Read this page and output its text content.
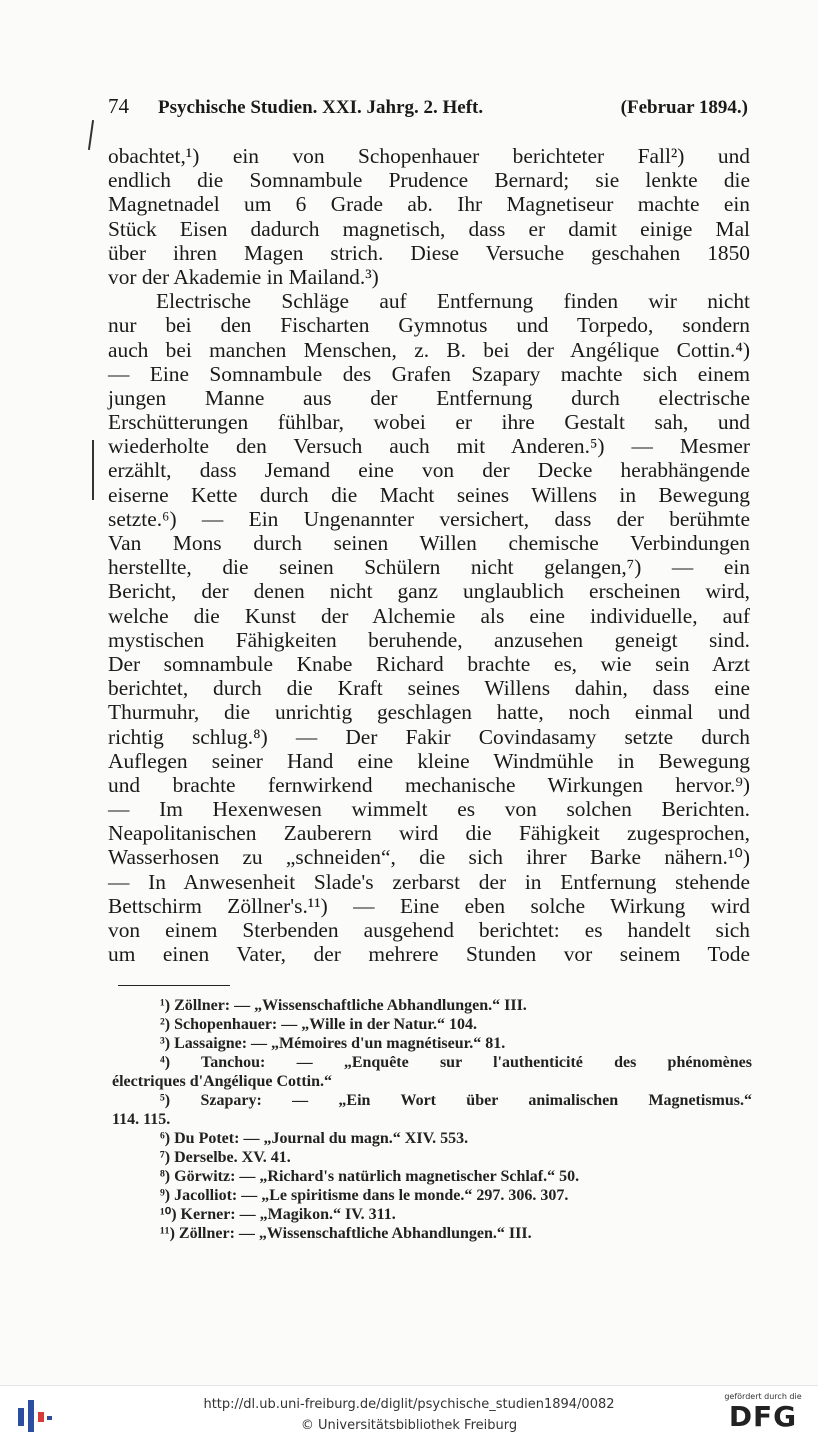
74	Psychische Studien. XXI. Jahrg. 2. Heft.	(Februar 1894.)
obachtet,¹) ein von Schopenhauer berichteter Fall²) und
endlich die Somnambule Prudence Bernard; sie lenkte die
Magnetnadel um 6 Grade ab. Ihr Magnetiseur machte ein
Stück Eisen dadurch magnetisch, dass er damit einige Mal
über ihren Magen strich. Diese Versuche geschahen 1850
vor der Akademie in Mailand.³)
Electrische Schläge auf Entfernung finden wir nicht
nur bei den Fischarten Gymnotus und Torpedo, sondern
auch bei manchen Menschen, z. B. bei der Angélique Cottin.⁴)
— Eine Somnambule des Grafen Szapary machte sich einem
jungen Manne aus der Entfernung durch electrische
Erschütterungen fühlbar, wobei er ihre Gestalt sah, und
wiederholte den Versuch auch mit Anderen.⁵) — Mesmer
erzählt, dass Jemand eine von der Decke herabhängende
eiserne Kette durch die Macht seines Willens in Bewegung
setzte.⁶) — Ein Ungenannter versichert, dass der berühmte
Van Mons durch seinen Willen chemische Verbindungen
herstellte, die seinen Schülern nicht gelangen,⁷) — ein
Bericht, der denen nicht ganz unglaublich erscheinen wird,
welche die Kunst der Alchemie als eine individuelle, auf
mystischen Fähigkeiten beruhende, anzusehen geneigt sind.
Der somnambule Knabe Richard brachte es, wie sein Arzt
berichtet, durch die Kraft seines Willens dahin, dass eine
Thurmuhr, die unrichtig geschlagen hatte, noch einmal und
richtig schlug.⁸) — Der Fakir Covindasamy setzte durch
Auflegen seiner Hand eine kleine Windmühle in Bewegung
und brachte fernwirkend mechanische Wirkungen hervor.⁹)
— Im Hexenwesen wimmelt es von solchen Berichten.
Neapolitanischen Zauberern wird die Fähigkeit zugesprochen,
Wasserhosen zu „schneiden“, die sich ihrer Barke nähern.¹⁰)
— In Anwesenheit Slade's zerbarst der in Entfernung stehende
Bettschirm Zöllner's.¹¹) — Eine eben solche Wirkung wird
von einem Sterbenden ausgehend berichtet: es handelt sich
um einen Vater, der mehrere Stunden vor seinem Tode
¹) Zöllner: — „Wissenschaftliche Abhandlungen.“ III.
²) Schopenhauer: — „Wille in der Natur.“ 104.
³) Lassaigne: — „Mémoires d'un magnétiseur.“ 81.
⁴) Tanchou: — „Enquête sur l'authenticité des phénomènes
électriques d'Angélique Cottin.“
⁵) Szapary: — „Ein Wort über animalischen Magnetismus.“
114. 115.
⁶) Du Potet: — „Journal du magn.“ XIV. 553.
⁷) Derselbe. XV. 41.
⁸) Görwitz: — „Richard's natürlich magnetischer Schlaf.“ 50.
⁹) Jacolliot: — „Le spiritisme dans le monde.“ 297. 306. 307.
¹⁰) Kerner: — „Magikon.“ IV. 311.
¹¹) Zöllner: — „Wissenschaftliche Abhandlungen.“ III.
http://dl.ub.uni-freiburg.de/diglit/psychische_studien1894/0082
© Universitätsbibliothek Freiburg
gefördert durch die
DFG
